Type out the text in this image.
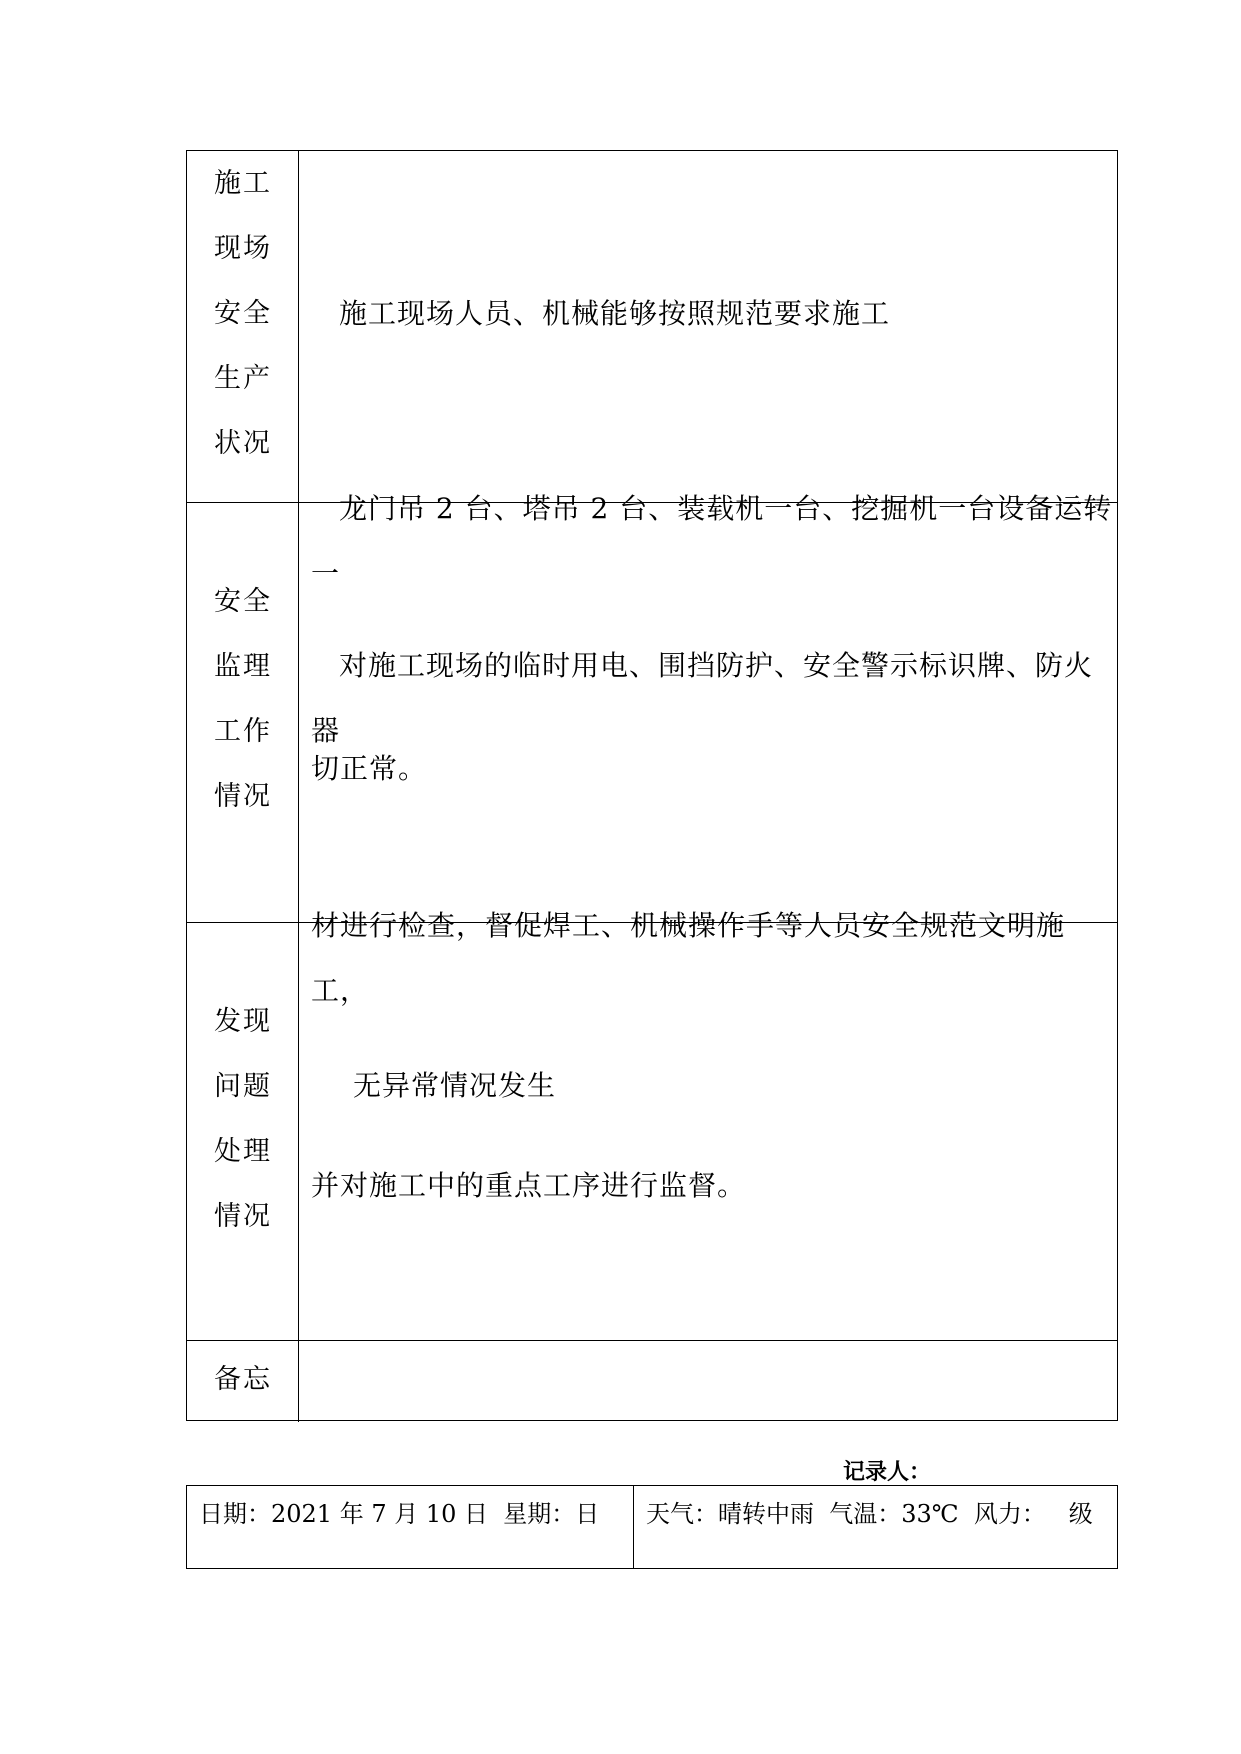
施工
现场
安全
生产
状况

施工现场人员、机械能够按照规范要求施工

龙门吊 2 台、塔吊 2 台、装载机一台、挖掘机一台设备运转一

切正常。

安全
监理
工作
情况

对施工现场的临时用电、围挡防护、安全警示标识牌、防火器

材进行检查，督促焊工、机械操作手等人员安全规范文明施工，

并对施工中的重点工序进行监督。

发现
问题
处理
情况

无异常情况发生

备忘
记录人：
日期：2021 年 7 月 10 日  星期：日 天气：晴转中雨  气温：33℃  风力：   级
